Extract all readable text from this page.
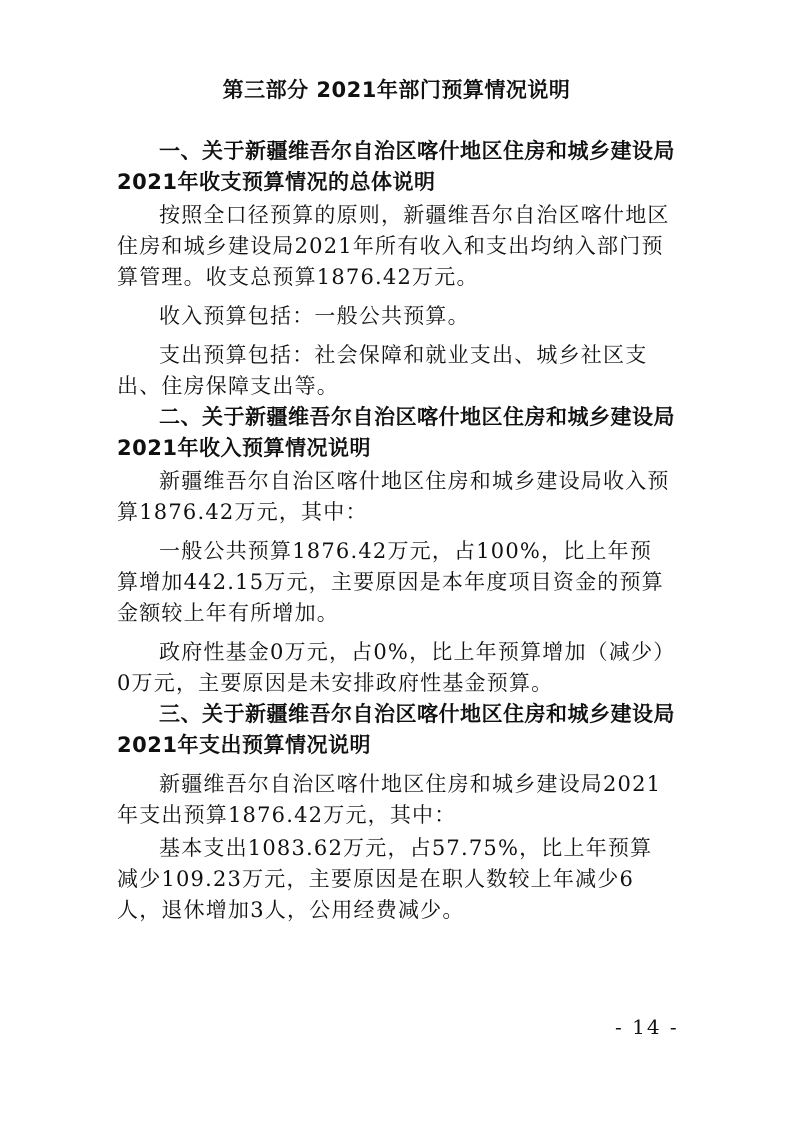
第三部分 2021年部门预算情况说明
一、关于新疆维吾尔自治区喀什地区住房和城乡建设局
2021年收支预算情况的总体说明

按照全口径预算的原则，新疆维吾尔自治区喀什地区住房和城乡建设局2021年所有收入和支出均纳入部门预算管理。收支总预算1876.42万元。

收入预算包括：一般公共预算。

支出预算包括：社会保障和就业支出、城乡社区支出、住房保障支出等。

二、关于新疆维吾尔自治区喀什地区住房和城乡建设局
2021年收入预算情况说明

新疆维吾尔自治区喀什地区住房和城乡建设局收入预算1876.42万元，其中：

一般公共预算1876.42万元，占100%，比上年预算增加442.15万元，主要原因是本年度项目资金的预算金额较上年有所增加。

政府性基金0万元，占0%，比上年预算增加（减少）0万元，主要原因是未安排政府性基金预算。

三、关于新疆维吾尔自治区喀什地区住房和城乡建设局
2021年支出预算情况说明

新疆维吾尔自治区喀什地区住房和城乡建设局2021年支出预算1876.42万元，其中：

基本支出1083.62万元，占57.75%，比上年预算减少109.23万元，主要原因是在职人数较上年减少6人，退休增加3人，公用经费减少。

- 14 -
